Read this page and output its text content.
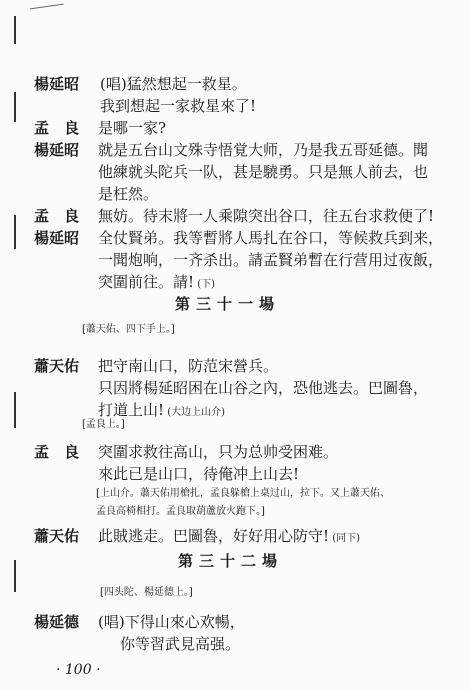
楊延昭 (唱)猛然想起一救星。
我到想起一家救星來了!
孟　良 是哪一家?
楊延昭 就是五台山文殊寺悟覚大师，乃是我五哥延德。聞
他練就头陀兵一队，甚是驍勇。只是無人前去，也
是枉然。
孟　良 無妨。待末將一人乘隙突出谷口，往五台求救便了!
楊延昭 全仗賢弟。我等暫將人馬扎在谷口，等候救兵到来，
一聞炮响，一齐杀出。請孟賢弟暫在行营用过夜飯，
突圍前往。請! (下)
第三十一場
[蕭天佑、四下手上。]
蕭天佑 把守南山口，防范宋營兵。
只因將楊延昭困在山谷之內，恐他逃去。巴圖魯，
打道上山! (大边上山介)
[孟良上。]
孟　良 突圍求救往高山，只为总帅受困难。
來此已是山口，待俺冲上山去!
[上山介。蕭天佑用槍扎，孟良躲槍上桌过山，拉下。又上蕭天佑、
孟良高椅相打。孟良取葫蘆放火跑下。]
蕭天佑 此賊逃走。巴圖魯，好好用心防守! (同下)
第三十二場
[四头陀、楊延德上。]
楊延德 (唱)下得山來心欢暢，
你等習武見高强。
· 100 ·
